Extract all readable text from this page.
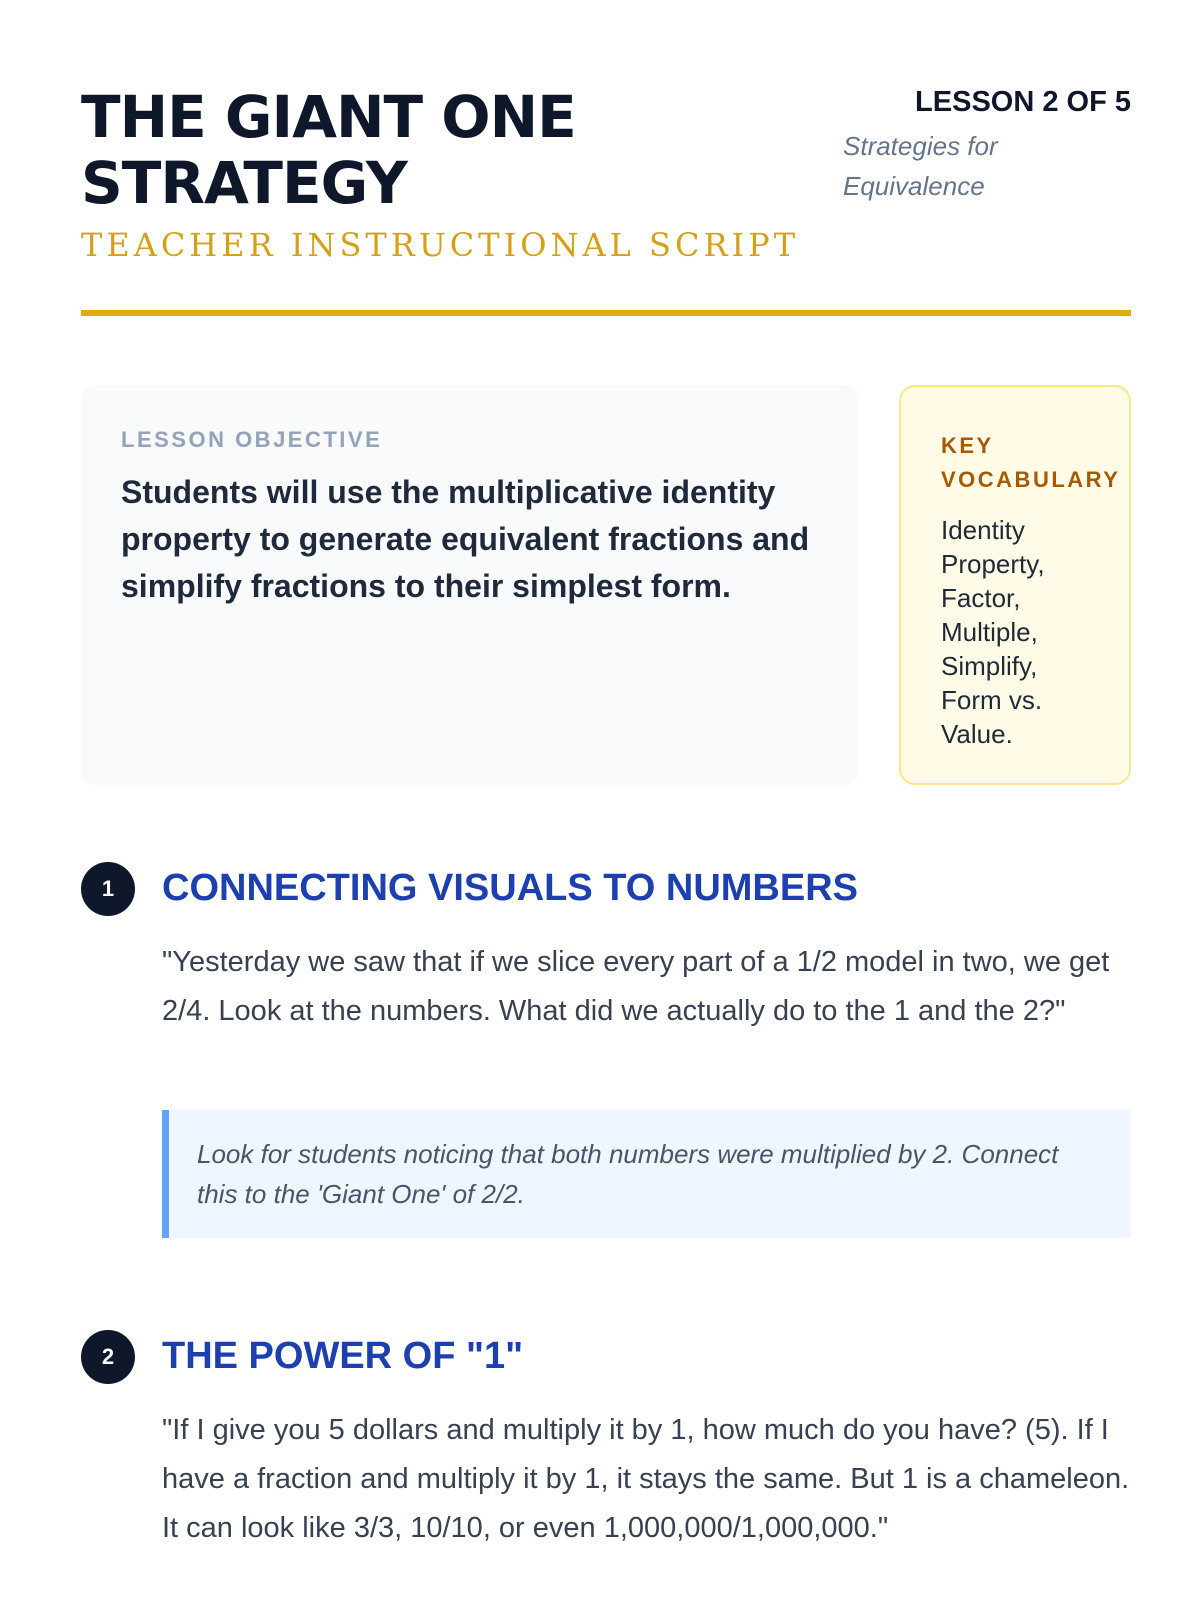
THE GIANT ONE STRATEGY
TEACHER INSTRUCTIONAL SCRIPT
LESSON 2 OF 5
Strategies for Equivalence
LESSON OBJECTIVE

Students will use the multiplicative identity property to generate equivalent fractions and simplify fractions to their simplest form.

KEY VOCABULARY

Identity Property, Factor, Multiple, Simplify, Form vs. Value.

1	CONNECTING VISUALS TO NUMBERS

"Yesterday we saw that if we slice every part of a 1/2 model in two, we get 2/4. Look at the numbers. What did we actually do to the 1 and the 2?"

Look for students noticing that both numbers were multiplied by 2. Connect this to the 'Giant One' of 2/2.
2	THE POWER OF "1"

"If I give you 5 dollars and multiply it by 1, how much do you have? (5). If I have a fraction and multiply it by 1, it stays the same. But 1 is a chameleon. It can look like 3/3, 10/10, or even 1,000,000/1,000,000."
